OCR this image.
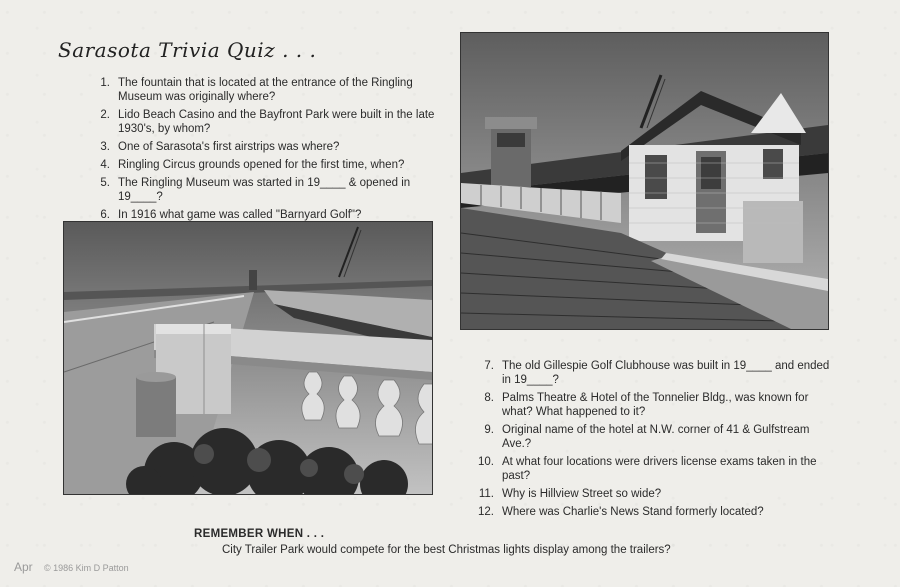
Sarasota Trivia Quiz . . .
1. The fountain that is located at the entrance of the Ringling Museum was originally where?
2. Lido Beach Casino and the Bayfront Park were built in the late 1930's, by whom?
3. One of Sarasota's first airstrips was where?
4. Ringling Circus grounds opened for the first time, when?
5. The Ringling Museum was started in 19____ & opened in 19____?
6. In 1916 what game was called "Barnyard Golf"?
7. The old Gillespie Golf Clubhouse was built in 19____ and ended in 19____?
8. Palms Theatre & Hotel of the Tonnelier Bldg., was known for what? What happened to it?
9. Original name of the hotel at N.W. corner of 41 & Gulfstream Ave.?
10. At what four locations were drivers license exams taken in the past?
11. Why is Hillview Street so wide?
12. Where was Charlie's News Stand formerly located?
REMEMBER WHEN . . .
City Trailer Park would compete for the best Christmas lights display among the trailers?
Apr © 1986 Kim D Patton
